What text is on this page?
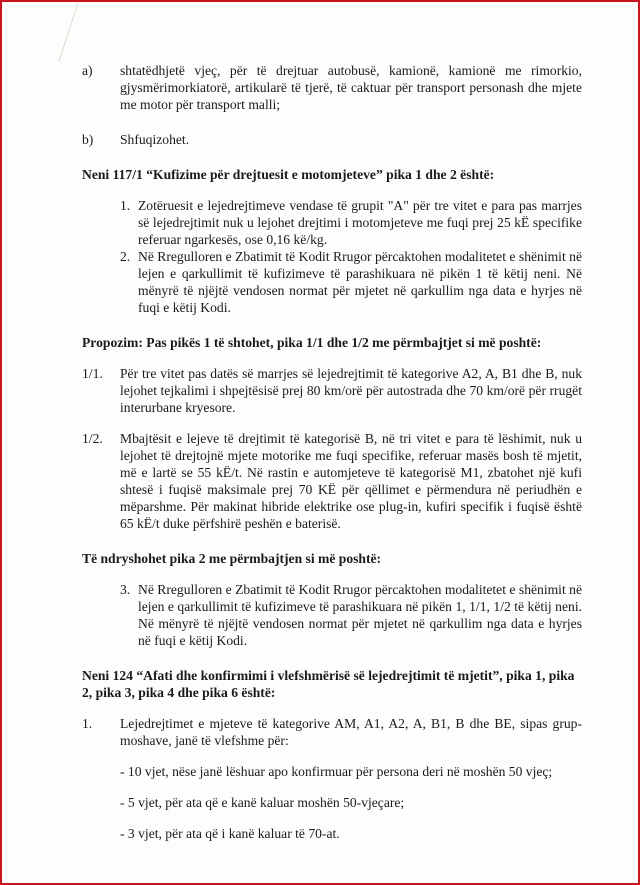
a)	shtatëdhjetë vjeç, për të drejtuar autobusë, kamionë, kamionë me rimorkio, gjysmërimorkiatorë, artikularë të tjerë, të caktuar për transport personash dhe mjete me motor për transport malli;
b)	Shfuqizohet.

Neni 117/1 “Kufizime për drejtuesit e motomjeteve” pika 1 dhe 2 është:

1. Zotëruesit e lejedrejtimeve vendase të grupit "A" për tre vitet e para pas marrjes së lejedrejtimit nuk u lejohet drejtimi i motomjeteve me fuqi prej 25 kË specifike referuar ngarkesës, ose 0,16 kë/kg.
2. Në Rregulloren e Zbatimit të Kodit Rrugor përcaktohen modalitetet e shënimit në lejen e qarkullimit të kufizimeve të parashikuara në pikën 1 të këtij neni. Në mënyrë të njëjtë vendosen normat për mjetet në qarkullim nga data e hyrjes në fuqi e këtij Kodi.

Propozim: Pas pikës 1 të shtohet, pika 1/1 dhe 1/2 me përmbajtjet si më poshtë:

1/1.	Për tre vitet pas datës së marrjes së lejedrejtimit të kategorive A2, A, B1 dhe B, nuk lejohet tejkalimi i shpejtësisë prej 80 km/orë për autostrada dhe 70 km/orë për rrugët interurbane kryesore.
1/2.	Mbajtësit e lejeve të drejtimit të kategorisë B, në tri vitet e para të lëshimit, nuk u lejohet të drejtojnë mjete motorike me fuqi specifike, referuar masës bosh të mjetit, më e lartë se 55 kË/t. Në rastin e automjeteve të kategorisë M1, zbatohet një kufi shtesë i fuqisë maksimale prej 70 KË për qëllimet e përmendura në periudhën e mëparshme. Për makinat hibride elektrike ose plug-in, kufiri specifik i fuqisë është 65 kË/t duke përfshirë peshën e baterisë.

Të ndryshohet pika 2 me përmbajtjen si më poshtë:

3. Në Rregulloren e Zbatimit të Kodit Rrugor përcaktohen modalitetet e shënimit në lejen e qarkullimit të kufizimeve të parashikuara në pikën 1, 1/1, 1/2 të këtij neni. Në mënyrë të njëjtë vendosen normat për mjetet në qarkullim nga data e hyrjes në fuqi e këtij Kodi.

Neni 124 “Afati dhe konfirmimi i vlefshmërisë së lejedrejtimit të mjetit”, pika 1, pika 2, pika 3, pika 4 dhe pika 6 është:

1.	Lejedrejtimet e mjeteve të kategorive AM, A1, A2, A, B1, B dhe BE, sipas grup-moshave, janë të vlefshme për:

- 10 vjet, nëse janë lëshuar apo konfirmuar për persona deri në moshën 50 vjeç;

- 5 vjet, për ata që e kanë kaluar moshën 50-vjeçare;

- 3 vjet, për ata që i kanë kaluar të 70-at.
